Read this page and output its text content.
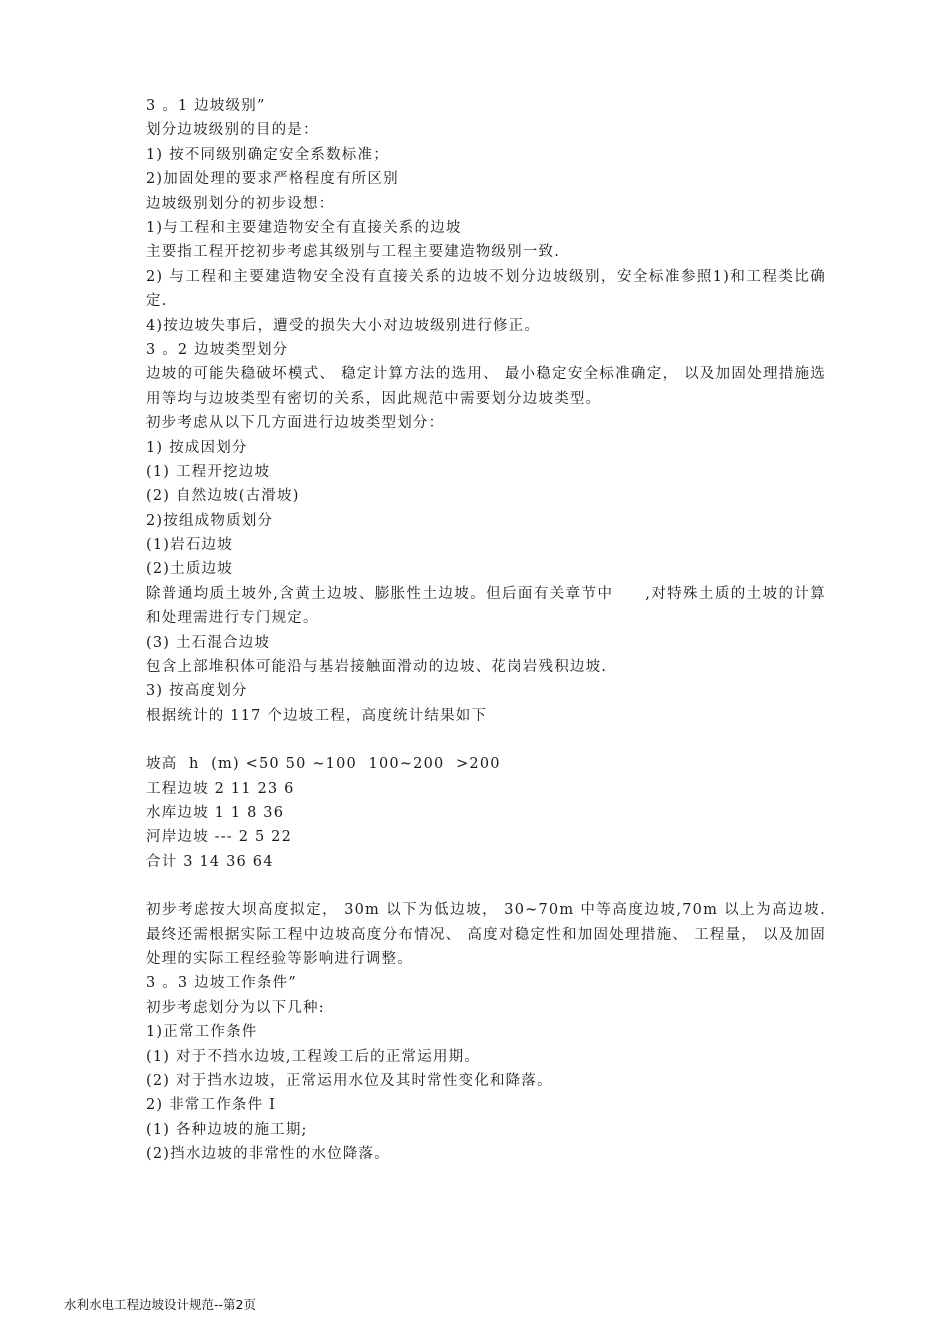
3 。1 边坡级别”
划分边坡级别的目的是：
1) 按不同级别确定安全系数标准；
2)加固处理的要求严格程度有所区别
边坡级别划分的初步设想：
1)与工程和主要建造物安全有直接关系的边坡
主要指工程开挖初步考虑其级别与工程主要建造物级别一致.
2) 与工程和主要建造物安全没有直接关系的边坡不划分边坡级别，安全标准参照1)和工程类比确定.
4)按边坡失事后，遭受的损失大小对边坡级别进行修正。
3 。2 边坡类型划分
边坡的可能失稳破坏模式、 稳定计算方法的选用、 最小稳定安全标准确定， 以及加固处理措施选用等均与边坡类型有密切的关系，因此规范中需要划分边坡类型。
初步考虑从以下几方面进行边坡类型划分：
1) 按成因划分
(1) 工程开挖边坡
(2) 自然边坡(古滑坡)
2)按组成物质划分
(1)岩石边坡
(2)土质边坡
除普通均质土坡外,含黄土边坡、膨胀性土边坡。但后面有关章节中　　,对特殊土质的土坡的计算和处理需进行专门规定。
(3) 土石混合边坡
包含上部堆积体可能沿与基岩接触面滑动的边坡、花岗岩残积边坡.
3) 按高度划分
根据统计的 117 个边坡工程，高度统计结果如下
坡高  h  (m) <50 50 ~100  100~200  >200
工程边坡 2 11 23 6
水库边坡 1 1 8 36
河岸边坡 --- 2 5 22
合计 3 14 36 64
初步考虑按大坝高度拟定， 30m 以下为低边坡， 30~70m 中等高度边坡,70m 以上为高边坡.最终还需根据实际工程中边坡高度分布情况、 高度对稳定性和加固处理措施、 工程量， 以及加固处理的实际工程经验等影响进行调整。
3 。3 边坡工作条件”
初步考虑划分为以下几种:
1)正常工作条件
(1) 对于不挡水边坡,工程竣工后的正常运用期。
(2) 对于挡水边坡，正常运用水位及其时常性变化和降落。
2) 非常工作条件 I
(1) 各种边坡的施工期;
(2)挡水边坡的非常性的水位降落。
水利水电工程边坡设计规范--第2页
